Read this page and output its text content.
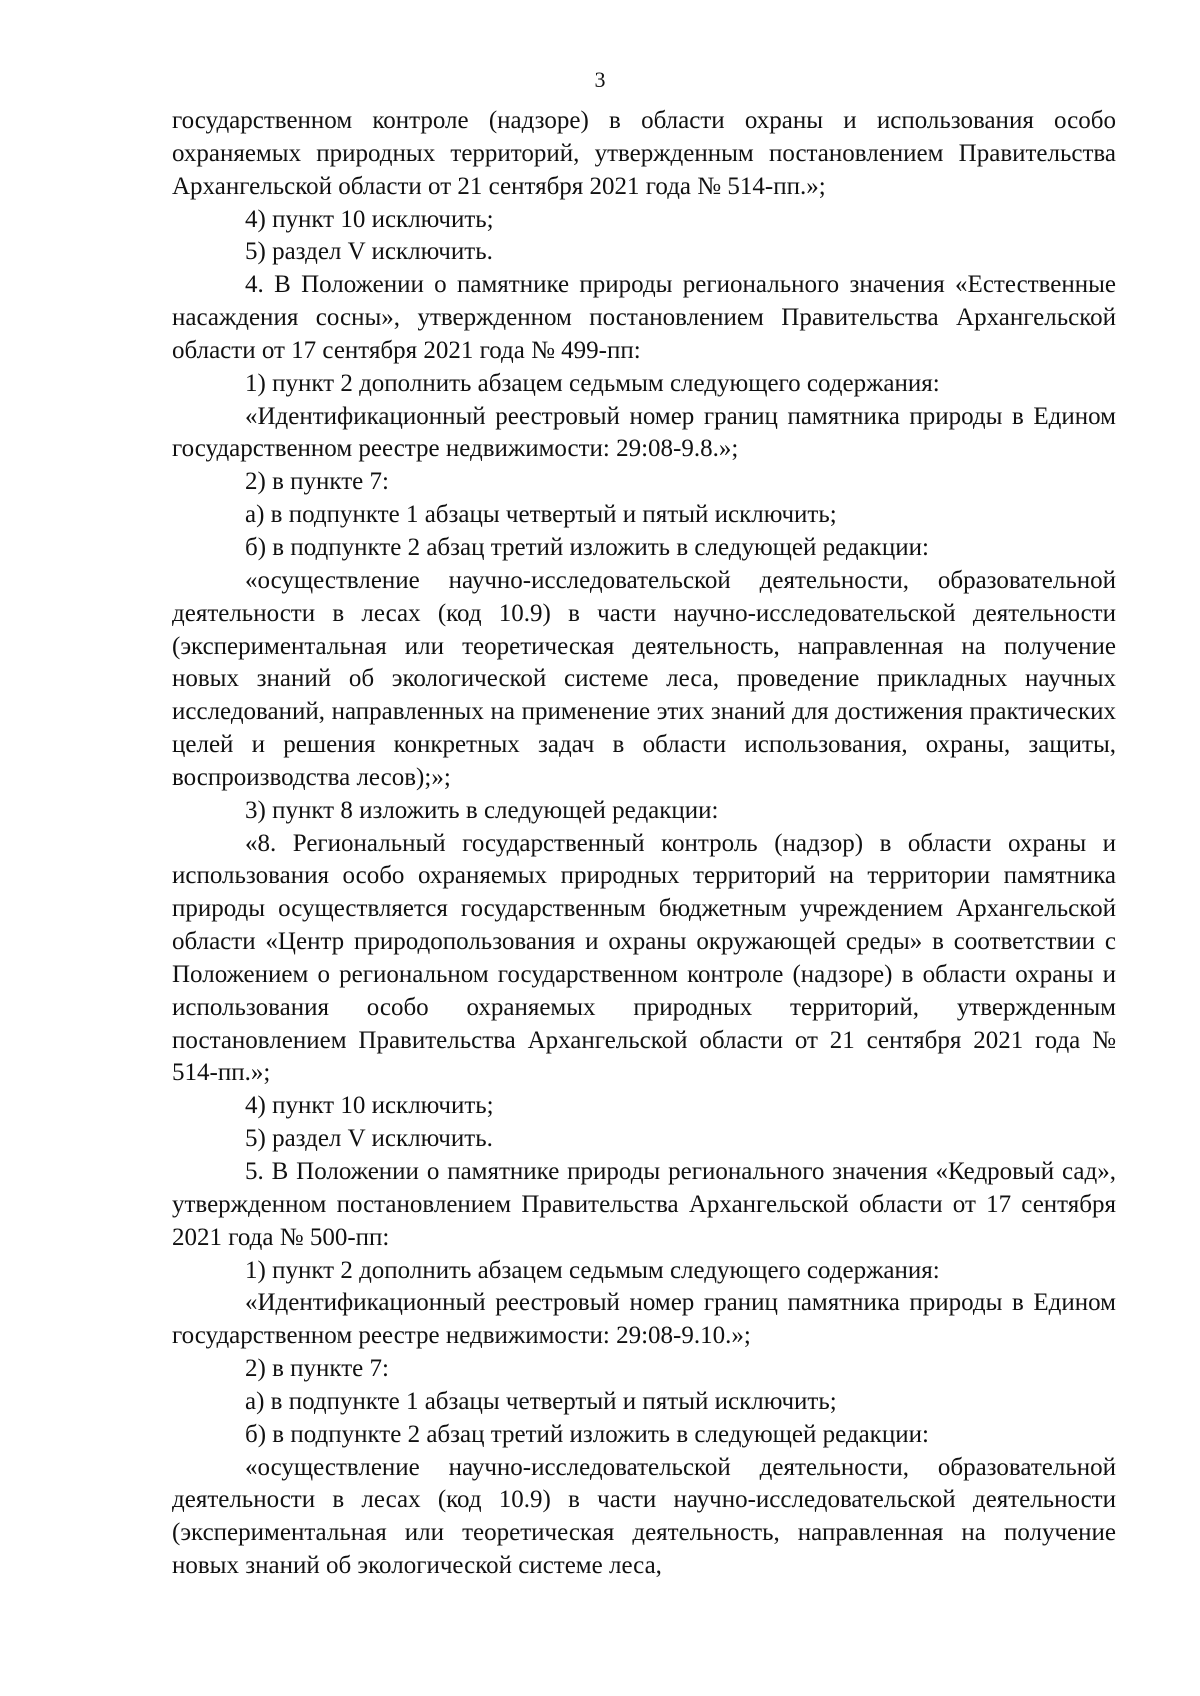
3

государственном контроле (надзоре) в области охраны и использования особо охраняемых природных территорий, утвержденным постановлением Правительства Архангельской области от 21 сентября 2021 года № 514-пп.»;

4) пункт 10 исключить;

5) раздел V исключить.

4. В Положении о памятнике природы регионального значения «Естественные насаждения сосны», утвержденном постановлением Правительства Архангельской области от 17 сентября 2021 года № 499-пп:

1) пункт 2 дополнить абзацем седьмым следующего содержания:

«Идентификационный реестровый номер границ памятника природы в Едином государственном реестре недвижимости: 29:08-9.8.»;

2) в пункте 7:

а) в подпункте 1 абзацы четвертый и пятый исключить;

б) в подпункте 2 абзац третий изложить в следующей редакции:

«осуществление научно-исследовательской деятельности, образовательной деятельности в лесах (код 10.9) в части научно-исследовательской деятельности (экспериментальная или теоретическая деятельность, направленная на получение новых знаний об экологической системе леса, проведение прикладных научных исследований, направленных на применение этих знаний для достижения практических целей и решения конкретных задач в области использования, охраны, защиты, воспроизводства лесов);»;

3) пункт 8 изложить в следующей редакции:

«8. Региональный государственный контроль (надзор) в области охраны и использования особо охраняемых природных территорий на территории памятника природы осуществляется государственным бюджетным учреждением Архангельской области «Центр природопользования и охраны окружающей среды» в соответствии с Положением о региональном государственном контроле (надзоре) в области охраны и использования особо охраняемых природных территорий, утвержденным постановлением Правительства Архангельской области от 21 сентября 2021 года № 514-пп.»;

4) пункт 10 исключить;

5) раздел V исключить.

5. В Положении о памятнике природы регионального значения «Кедровый сад», утвержденном постановлением Правительства Архангельской области от 17 сентября 2021 года № 500-пп:

1) пункт 2 дополнить абзацем седьмым следующего содержания:

«Идентификационный реестровый номер границ памятника природы в Едином государственном реестре недвижимости: 29:08-9.10.»;

2) в пункте 7:

а) в подпункте 1 абзацы четвертый и пятый исключить;

б) в подпункте 2 абзац третий изложить в следующей редакции:

«осуществление научно-исследовательской деятельности, образовательной деятельности в лесах (код 10.9) в части научно-исследовательской деятельности (экспериментальная или теоретическая деятельность, направленная на получение новых знаний об экологической системе леса,
